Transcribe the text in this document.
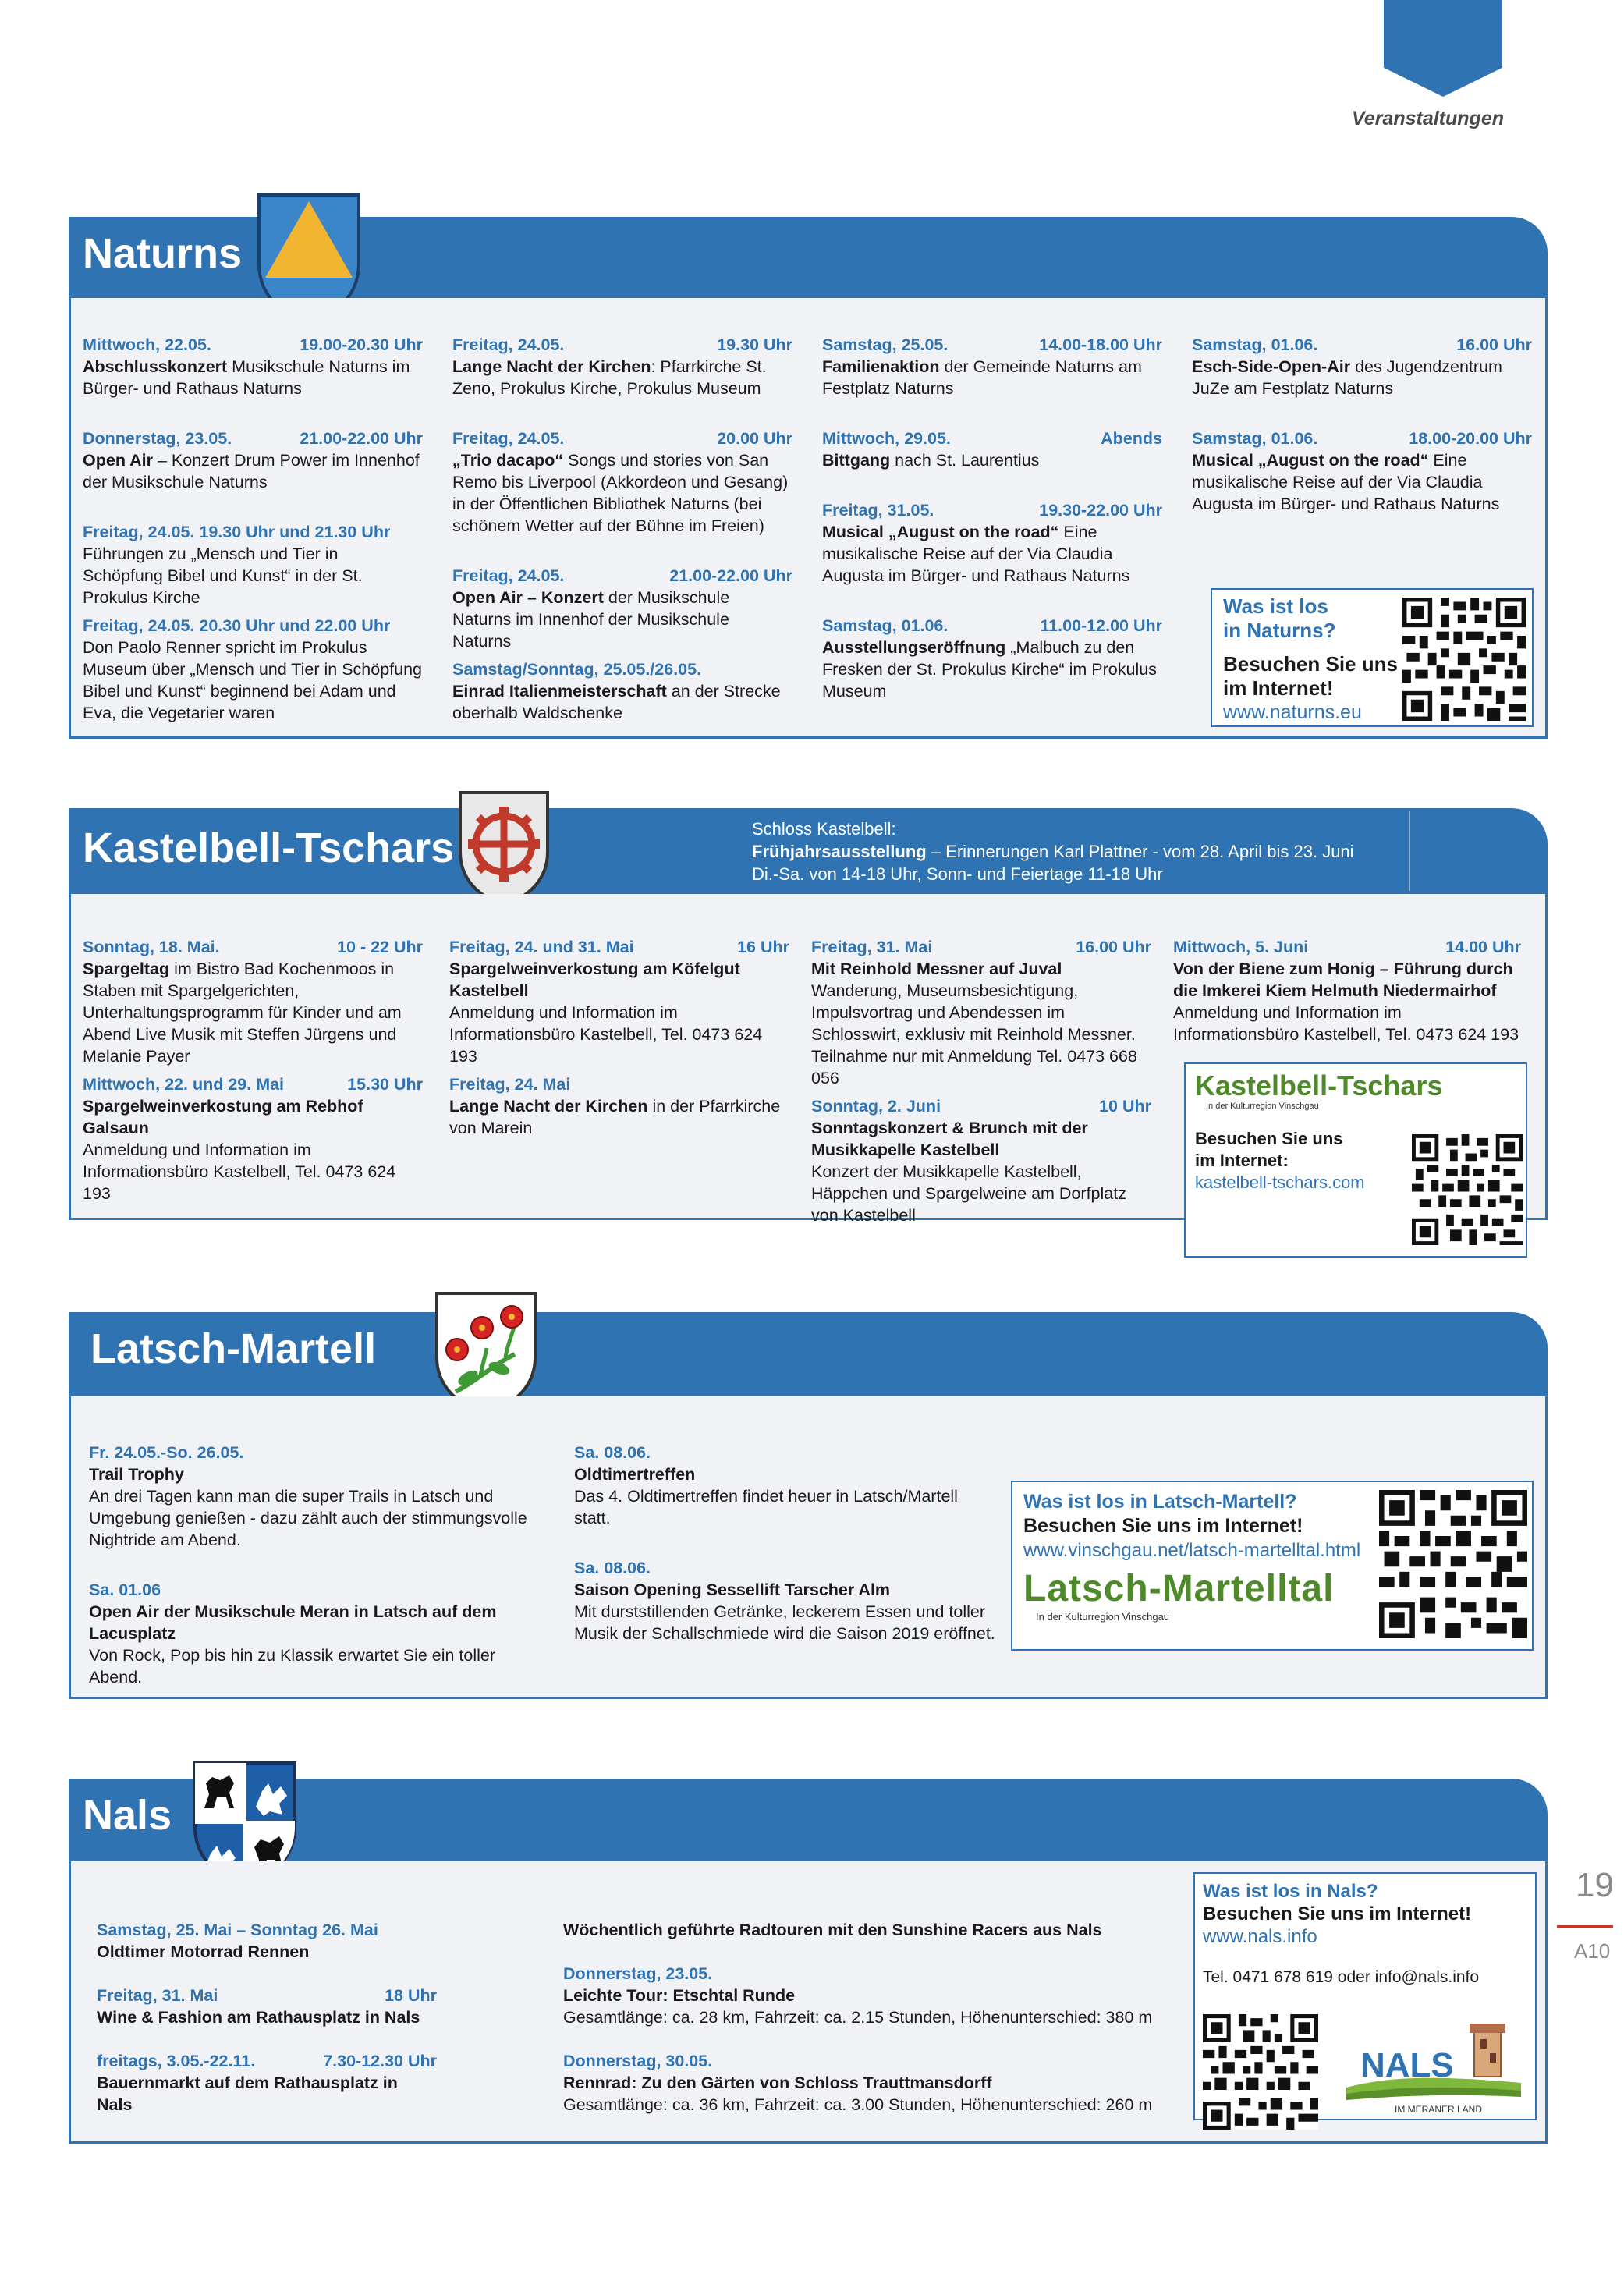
Veranstaltungen
Naturns
Mittwoch, 22.05.	19.00-20.30 Uhr
Abschlusskonzert Musikschule Naturns im Bürger- und Rathaus Naturns
Donnerstag, 23.05.	21.00-22.00 Uhr
Open Air – Konzert Drum Power im Innenhof der Musikschule Naturns
Freitag, 24.05. 19.30 Uhr und 21.30 Uhr
Führungen zu „Mensch und Tier in Schöpfung Bibel und Kunst“ in der St. Prokulus Kirche
Freitag, 24.05. 20.30 Uhr und 22.00 Uhr
Don Paolo Renner spricht im Prokulus Museum über „Mensch und Tier in Schöpfung Bibel und Kunst“ beginnend bei Adam und Eva, die Vegetarier waren
Freitag, 24.05.	19.30 Uhr
Lange Nacht der Kirchen: Pfarrkirche St. Zeno, Prokulus Kirche, Prokulus Museum
Freitag, 24.05.	20.00 Uhr
„Trio dacapo“ Songs und stories von San Remo bis Liverpool (Akkordeon und Gesang) in der Öffentlichen Bibliothek Naturns (bei schönem Wetter auf der Bühne im Freien)
Freitag, 24.05.	21.00-22.00 Uhr
Open Air – Konzert der Musikschule Naturns im Innenhof der Musikschule Naturns
Samstag/Sonntag, 25.05./26.05.
Einrad Italienmeisterschaft an der Strecke oberhalb Waldschenke
Samstag, 25.05.	14.00-18.00 Uhr
Familienaktion der Gemeinde Naturns am Festplatz Naturns
Mittwoch, 29.05.	Abends
Bittgang nach St. Laurentius
Freitag, 31.05.	19.30-22.00 Uhr
Musical „August on the road“ Eine musikalische Reise auf der Via Claudia Augusta im Bürger- und Rathaus Naturns
Samstag, 01.06.	11.00-12.00 Uhr
Ausstellungseröffnung „Malbuch zu den Fresken der St. Prokulus Kirche“ im Prokulus Museum
Samstag, 01.06.	16.00 Uhr
Esch-Side-Open-Air des Jugendzentrum JuZe am Festplatz Naturns
Samstag, 01.06.	18.00-20.00 Uhr
Musical „August on the road“ Eine musikalische Reise auf der Via Claudia Augusta im Bürger- und Rathaus Naturns
Was ist los
in Naturns?
Besuchen Sie uns
im Internet!
www.naturns.eu
Kastelbell-Tschars	Schloss Kastelbell:
Frühjahrsausstellung – Erinnerungen Karl Plattner - vom 28. April bis 23. Juni
Di.-Sa. von 14-18 Uhr, Sonn- und Feiertage 11-18 Uhr
Sonntag, 18. Mai.	10 - 22 Uhr
Spargeltag im Bistro Bad Kochenmoos in Staben mit Spargelgerichten, Unterhaltungsprogramm für Kinder und am Abend Live Musik mit Steffen Jürgens und Melanie Payer
Mittwoch, 22. und 29. Mai	15.30 Uhr
Spargelweinverkostung am Rebhof Galsaun
Anmeldung und Information im Informationsbüro Kastelbell, Tel. 0473 624 193
Freitag, 24. und 31. Mai	16 Uhr
Spargelweinverkostung am Köfelgut Kastelbell
Anmeldung und Information im Informationsbüro Kastelbell, Tel. 0473 624 193
Freitag, 24. Mai
Lange Nacht der Kirchen in der Pfarrkirche von Marein
Freitag, 31. Mai	16.00 Uhr
Mit Reinhold Messner auf Juval
Wanderung, Museumsbesichtigung, Impulsvortrag und Abendessen im Schlosswirt, exklusiv mit Reinhold Messner. Teilnahme nur mit Anmeldung Tel. 0473 668 056
Sonntag, 2. Juni	10 Uhr
Sonntagskonzert & Brunch mit der Musikkapelle Kastelbell
Konzert der Musikkapelle Kastelbell, Häppchen und Spargelweine am Dorfplatz von Kastelbell
Mittwoch, 5. Juni	14.00 Uhr
Von der Biene zum Honig – Führung durch die Imkerei Kiem Helmuth Niedermairhof
Anmeldung und Information im Informationsbüro Kastelbell, Tel. 0473 624 193
Kastelbell-Tschars
In der Kulturregion Vinschgau
Besuchen Sie uns
im Internet:
kastelbell-tschars.com
Latsch-Martell
Fr. 24.05.-So. 26.05.
Trail Trophy
An drei Tagen kann man die super Trails in Latsch und Umgebung genießen - dazu zählt auch der stimmungsvolle Nightride am Abend.
Sa. 01.06
Open Air der Musikschule Meran in Latsch auf dem Lacusplatz
Von Rock, Pop bis hin zu Klassik erwartet Sie ein toller Abend.
Sa. 08.06.
Oldtimertreffen
Das 4. Oldtimertreffen findet heuer in Latsch/Martell statt.
Sa. 08.06.
Saison Opening Sessellift Tarscher Alm
Mit durststillenden Getränke, leckerem Essen und toller Musik der Schallschmiede wird die Saison 2019 eröffnet.
Was ist los in Latsch-Martell?
Besuchen Sie uns im Internet!
www.vinschgau.net/latsch-martelltal.html
Latsch-Martelltal
In der Kulturregion Vinschgau
Nals
Samstag, 25. Mai – Sonntag 26. Mai
Oldtimer Motorrad Rennen
Freitag, 31. Mai	18 Uhr
Wine & Fashion am Rathausplatz in Nals
freitags, 3.05.-22.11.	7.30-12.30 Uhr
Bauernmarkt auf dem Rathausplatz in Nals
Wöchentlich geführte Radtouren mit den Sunshine Racers aus Nals
Donnerstag, 23.05.
Leichte Tour: Etschtal Runde
Gesamtlänge: ca. 28 km, Fahrzeit: ca. 2.15 Stunden, Höhenunterschied: 380 m
Donnerstag, 30.05.
Rennrad: Zu den Gärten von Schloss Trauttmansdorff
Gesamtlänge: ca. 36 km, Fahrzeit: ca. 3.00 Stunden, Höhenunterschied: 260 m
Was ist los in Nals?
Besuchen Sie uns im Internet!
www.nals.info
Tel. 0471 678 619 oder info@nals.info
NALS
IM MERANER LAND
19
A10
